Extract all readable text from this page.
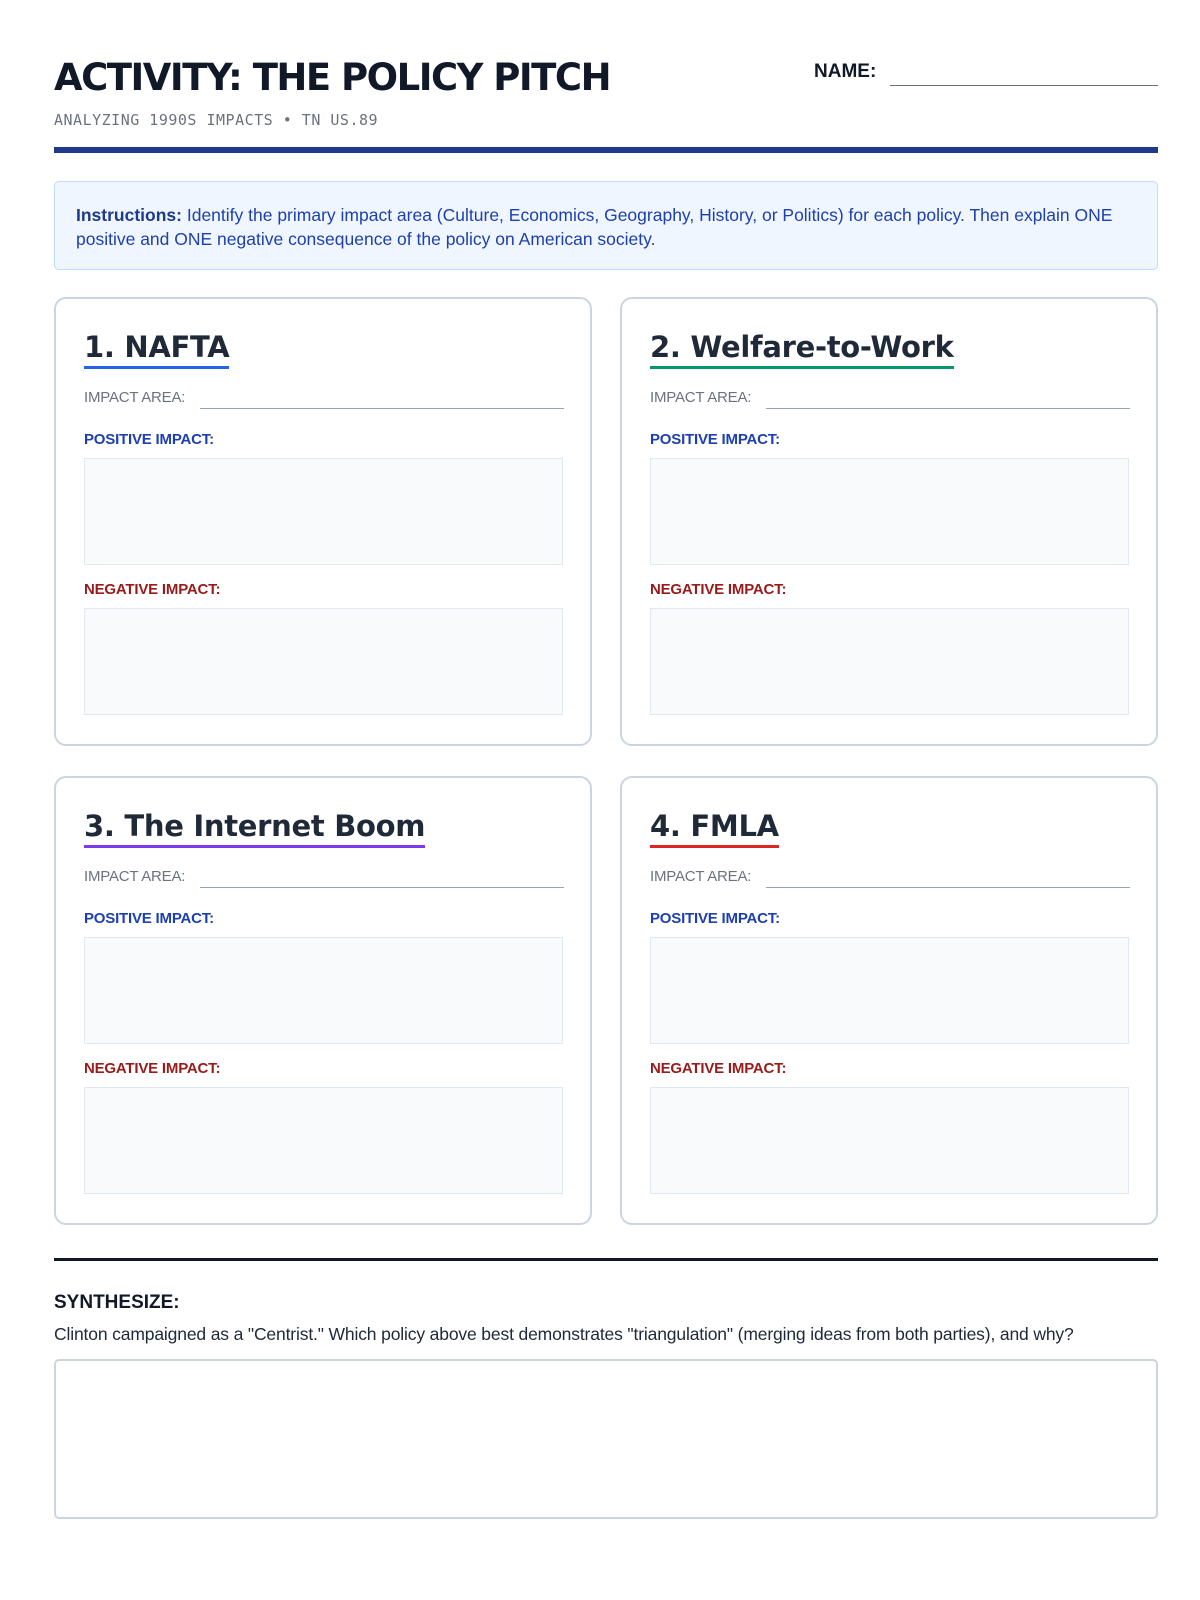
ACTIVITY: THE POLICY PITCH
ANALYZING 1990S IMPACTS • TN US.89
NAME:
Instructions: Identify the primary impact area (Culture, Economics, Geography, History, or Politics) for each policy. Then explain ONE positive and ONE negative consequence of the policy on American society.
1. NAFTA
IMPACT AREA:
POSITIVE IMPACT:
NEGATIVE IMPACT:
2. Welfare-to-Work
IMPACT AREA:
POSITIVE IMPACT:
NEGATIVE IMPACT:
3. The Internet Boom
IMPACT AREA:
POSITIVE IMPACT:
NEGATIVE IMPACT:
4. FMLA
IMPACT AREA:
POSITIVE IMPACT:
NEGATIVE IMPACT:
SYNTHESIZE:
Clinton campaigned as a "Centrist." Which policy above best demonstrates "triangulation" (merging ideas from both parties), and why?
